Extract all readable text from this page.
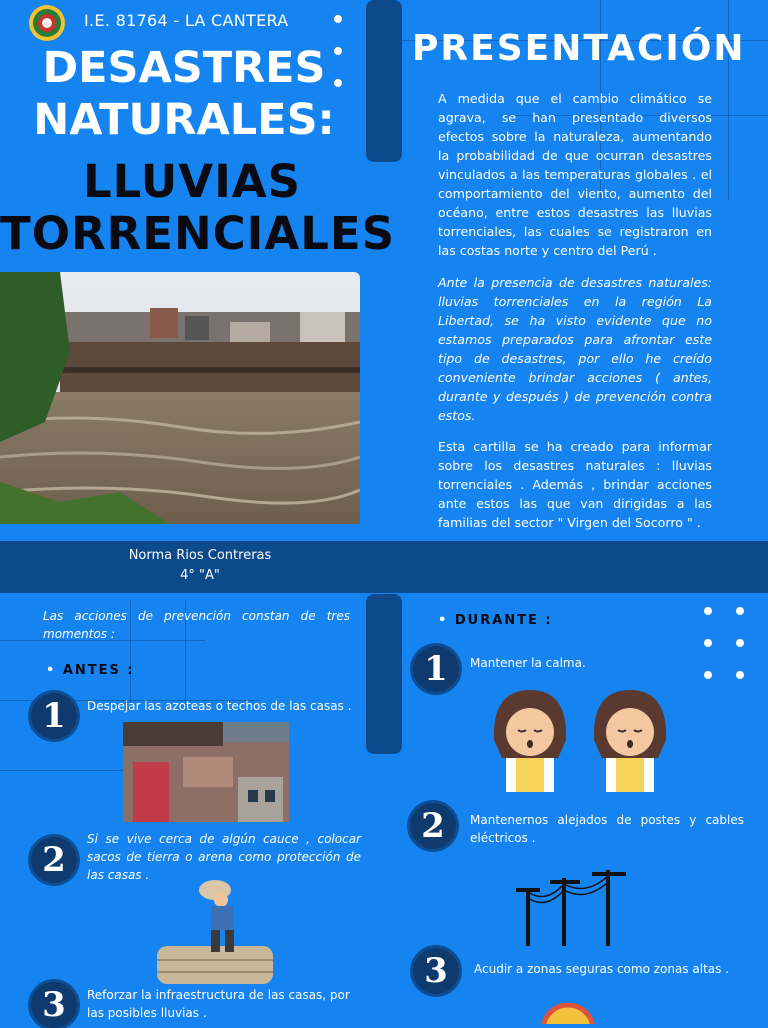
I.E. 81764 - LA CANTERA
DESASTRES
NATURALES:
LLUVIAS
TORRENCIALES
PRESENTACIÓN
A medida que el cambio climático se agrava, se han presentado diversos efectos sobre la naturaleza, aumentando la probabilidad de que ocurran desastres vinculados a las temperaturas globales . el comportamiento del viento, aumento del océano, entre estos desastres las lluvias torrenciales, las cuales se registraron en las costas norte y centro del Perú .
Ante la presencia de desastres naturales: lluvias torrenciales en la región La Libertad, se ha visto evidente que no estamos preparados para afrontar este tipo de desastres, por ello he creído conveniente brindar acciones ( antes, durante y después ) de prevención contra estos.
Esta cartilla se ha creado para informar sobre los desastres naturales : lluvias torrenciales . Además , brindar acciones ante estos las que van dirigidas a las familias del sector " Virgen del Socorro " .
Norma Rios Contreras
4° "A"
Las acciones de prevención constan de tres momentos :
• ANTES :
1	Despejar las azoteas o techos de las casas .
2
Si se vive cerca de algún cauce , colocar sacos de tierra o arena como protección de las casas .
3	Reforzar la infraestructura de las casas, por las posibles lluvias .
• DURANTE :
1	Mantener la calma.
2	Mantenernos alejados de postes y cables eléctricos .
3	Acudir a zonas seguras como zonas altas .
